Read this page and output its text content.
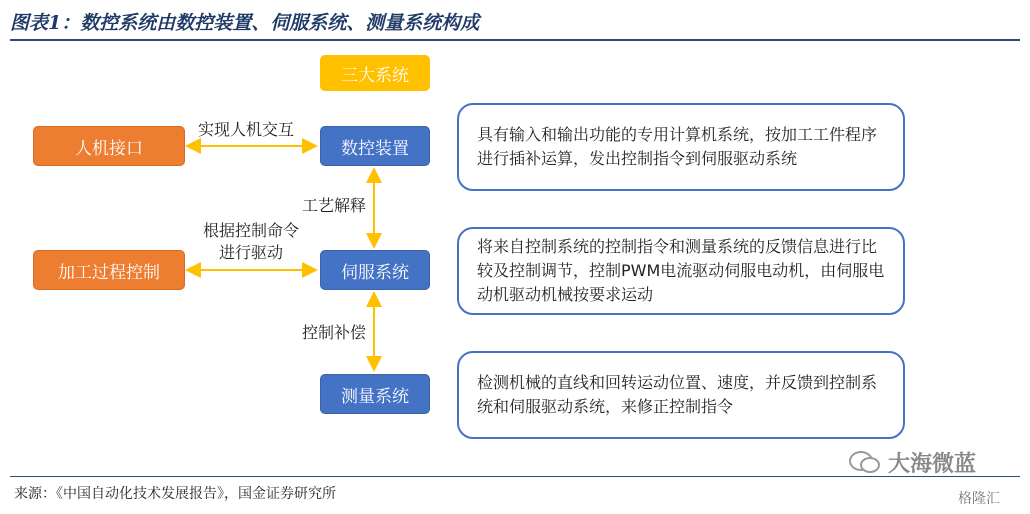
图表1：数控系统由数控装置、伺服系统、测量系统构成
三大系统
人机接口
加工过程控制
数控装置
伺服系统
测量系统
实现人机交互
根据控制命令
进行驱动
工艺解释
控制补偿
具有输入和输出功能的专用计算机系统，按加工工件程序进行插补运算，发出控制指令到伺服驱动系统
将来自控制系统的控制指令和测量系统的反馈信息进行比较及控制调节，控制PWM电流驱动伺服电动机，由伺服电动机驱动机械按要求运动
检测机械的直线和回转运动位置、速度，并反馈到控制系统和伺服驱动系统，来修正控制指令
来源：《中国自动化技术发展报告》，国金证券研究所
大海微蓝
格隆汇
